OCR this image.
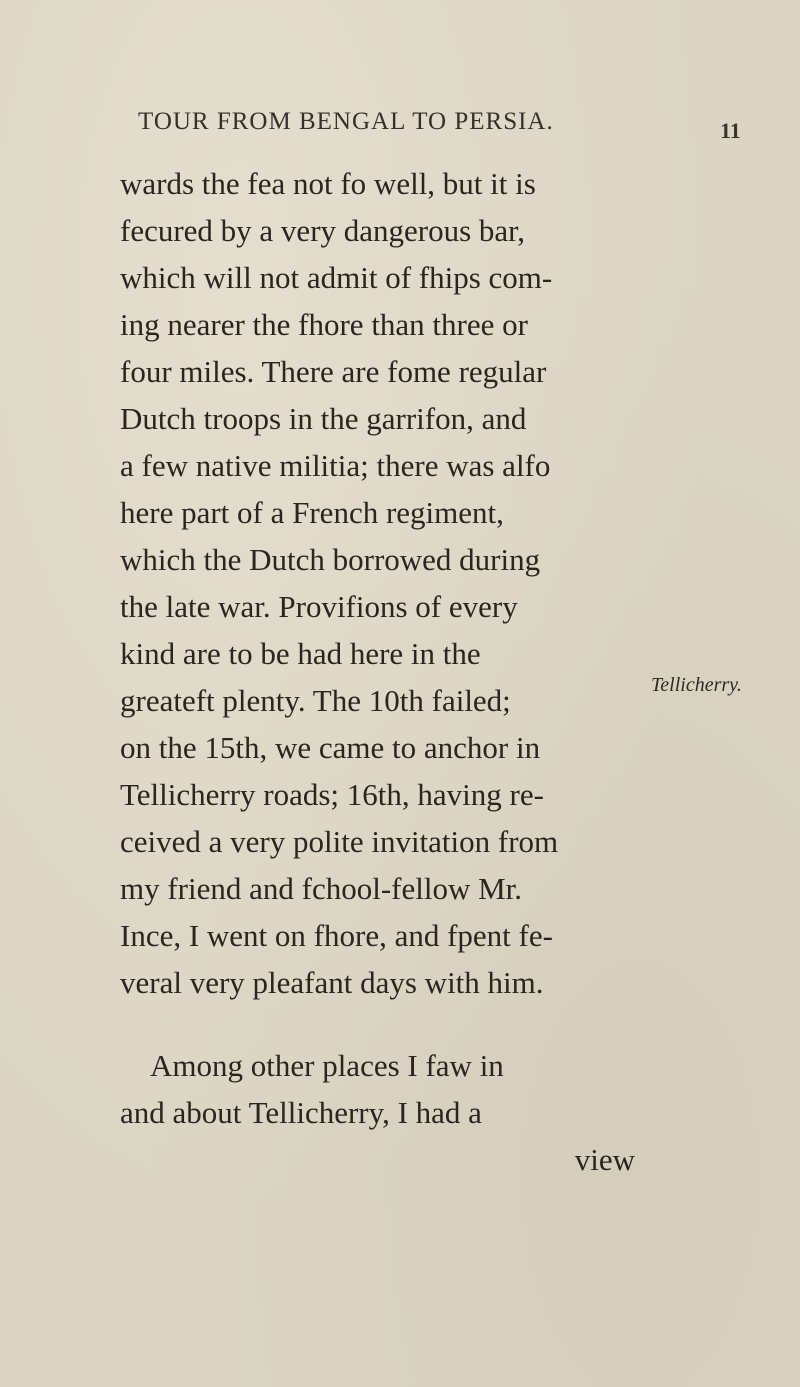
TOUR FROM BENGAL TO PERSIA.	11
wards the fea not fo well, but it is
fecured by a very dangerous bar,
which will not admit of fhips com-
ing nearer the fhore than three or
four miles. There are fome regular
Dutch troops in the garrifon, and
a few native militia; there was alfo
here part of a French regiment,
which the Dutch borrowed during
the late war. Provifions of every
kind are to be had here in the
greateft plenty. The 10th failed;
on the 15th, we came to anchor in
Tellicherry roads; 16th, having re-
ceived a very polite invitation from
my friend and fchool-fellow Mr.
Ince, I went on fhore, and fpent fe-
veral very pleafant days with him.
Among other places I faw in
and about Tellicherry, I had a
view
Tellicherry.
